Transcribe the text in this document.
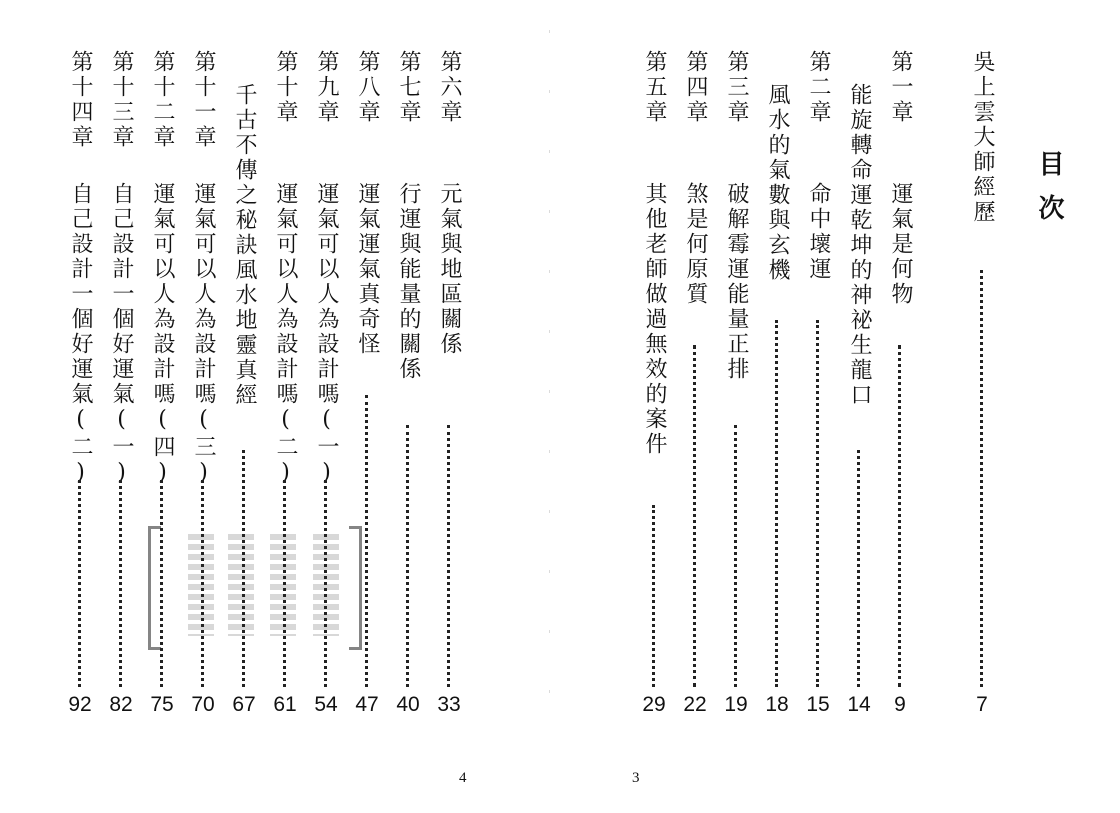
第六章
元氣與地區關係
33
第七章
行運與能量的關係
40
第八章
運氣運氣真奇怪
47
第九章
運氣可以人為設計嗎(一)
54
第十章
運氣可以人為設計嗎(二)
61
千古不傳之秘訣風水地靈真經
67
第十一章
運氣可以人為設計嗎(三)
70
第十二章
運氣可以人為設計嗎(四)
75
第十三章
自己設計一個好運氣(一)
82
第十四章
自己設計一個好運氣(二)
92
4
吳上雲大師經歷
7
第一章
運氣是何物
9
能旋轉命運乾坤的神祕生龍口
14
第二章
命中壞運
15
風水的氣數與玄機
18
第三章
破解霉運能量正排
19
第四章
煞是何原質
22
第五章
其他老師做過無效的案件
29
3
目次
